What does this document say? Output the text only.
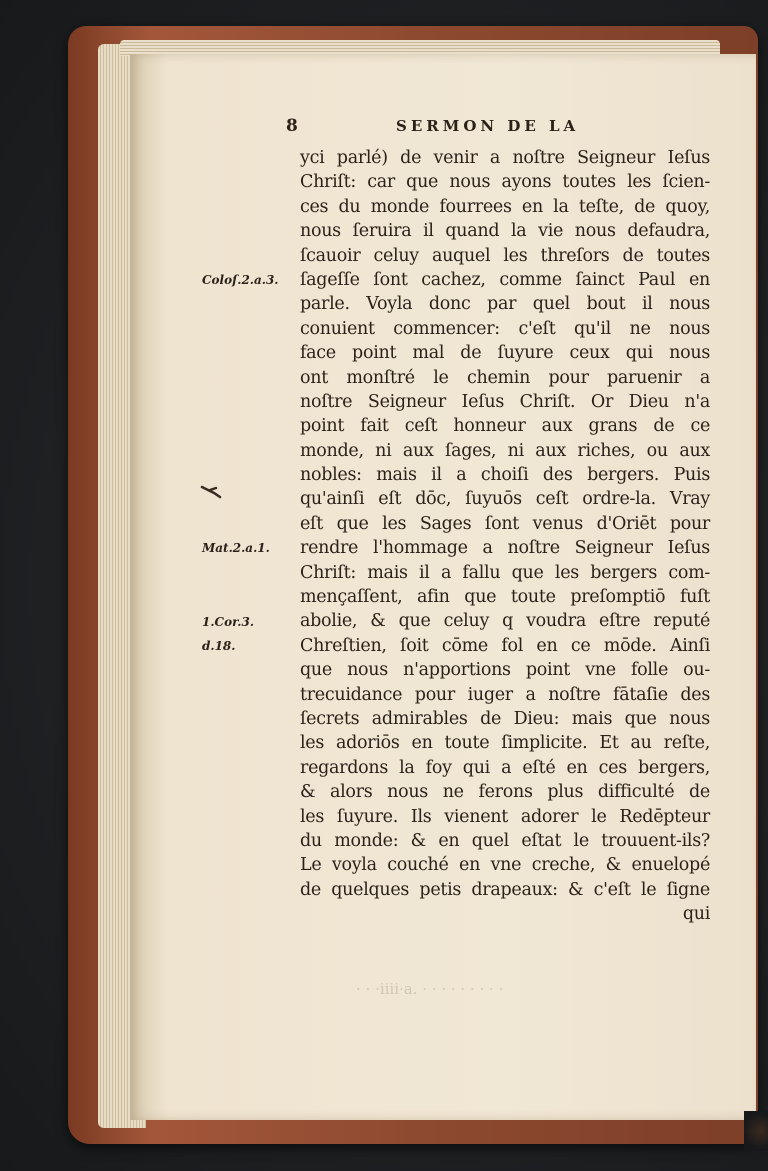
8	SERMON DE LA
Coloſ.2.a.3.
Mat.2.a.1.
1.Cor.3.
d.18.
yci parlé) de venir a noſtre Seigneur Ieſus
Chriſt: car que nous ayons toutes les ſcien-
ces du monde fourrees en la teſte, de quoy,
nous ſeruira il quand la vie nous defaudra,
ſcauoir celuy auquel les threſors de toutes
ſageſſe ſont cachez, comme ſainct Paul en
parle. Voyla donc par quel bout il nous
conuient commencer: c'eſt qu'il ne nous
face point mal de ſuyure ceux qui nous
ont monſtré le chemin pour paruenir a
noſtre Seigneur Ieſus Chriſt. Or Dieu n'a
point fait ceſt honneur aux grans de ce
monde, ni aux ſages, ni aux riches, ou aux
nobles: mais il a choiſi des bergers. Puis
qu'ainſi eſt dōc, ſuyuōs ceſt ordre-la. Vray
eſt que les Sages ſont venus d'Oriēt pour
rendre l'hommage a noſtre Seigneur Ieſus
Chriſt: mais il a fallu que les bergers com-
mençaſſent, afin que toute preſomptiō fuſt
abolie, & que celuy q voudra eſtre reputé
Chreſtien, ſoit cōme fol en ce mōde. Ainſi
que nous n'apportions point vne folle ou-
trecuidance pour iuger a noſtre fātaſie des
ſecrets admirables de Dieu: mais que nous
les adoriōs en toute ſimplicite. Et au reſte,
regardons la foy qui a eſté en ces bergers,
& alors nous ne ferons plus difficulté de
les ſuyure. Ils vienent adorer le Redēpteur
du monde: & en quel eſtat le trouuent-ils?
Le voyla couché en vne creche, & enuelopé
de quelques petis drapeaux: & c'eſt le ſigne
qui
· · ·iiii·a. · · · · · · · · ·
